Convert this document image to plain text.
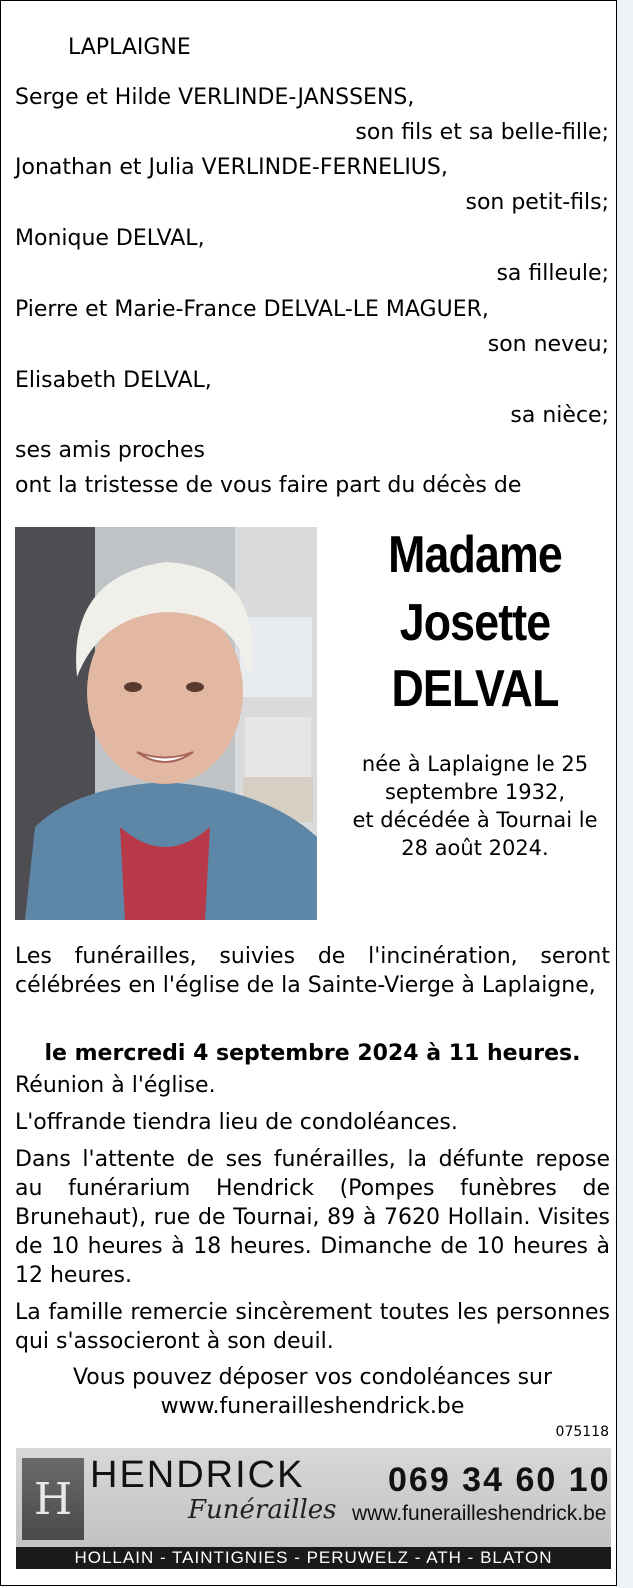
LAPLAIGNE
Serge et Hilde VERLINDE-JANSSENS,
son fils et sa belle-fille;
Jonathan et Julia VERLINDE-FERNELIUS,
son petit-fils;
Monique DELVAL,
sa filleule;
Pierre et Marie-France DELVAL-LE MAGUER,
son neveu;
Elisabeth DELVAL,
sa nièce;
ses amis proches
ont la tristesse de vous faire part du décès de
Madame
Josette
DELVAL
née à Laplaigne le 25
septembre 1932,
et décédée à Tournai le
28 août 2024.
Les funérailles, suivies de l'incinération, seront célébrées en l'église de la Sainte-Vierge à Laplaigne,
le mercredi 4 septembre 2024 à 11 heures.
Réunion à l'église.
L'offrande tiendra lieu de condoléances.
Dans l'attente de ses funérailles, la défunte repose au funérarium Hendrick (Pompes funèbres de Brunehaut), rue de Tournai, 89 à 7620 Hollain. Visites de 10 heures à 18 heures. Dimanche de 10 heures à 12 heures.
La famille remercie sincèrement toutes les personnes qui s'associeront à son deuil.
Vous pouvez déposer vos condoléances sur
www.funerailleshendrick.be
075118
H HENDRICK
Funérailles
069 34 60 10
www.funerailleshendrick.be
HOLLAIN - TAINTIGNIES - PERUWELZ - ATH - BLATON
